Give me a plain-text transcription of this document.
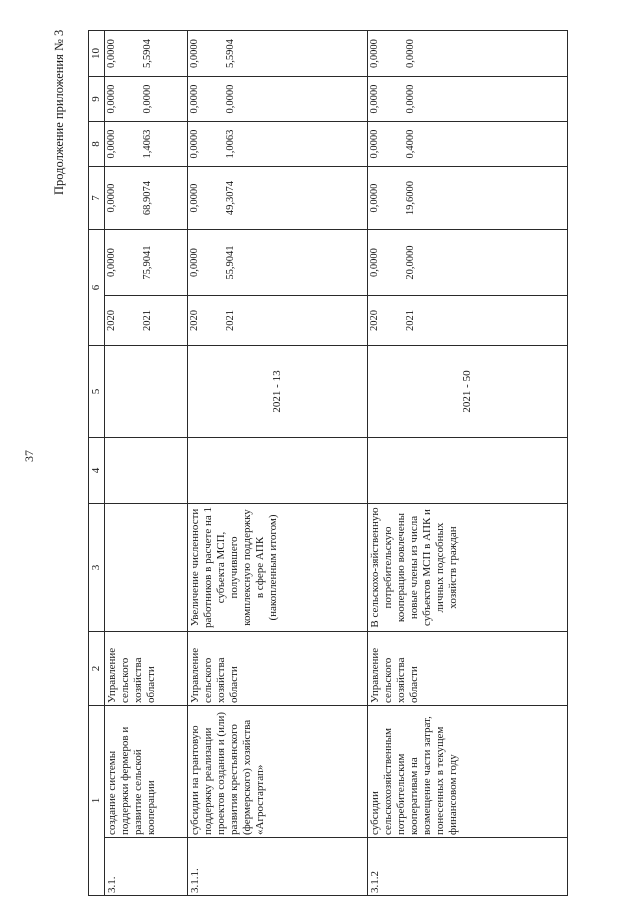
37
Продолжение приложения № 3
1		2	3	4	5	6		7	8	9	10
3.1.	создание системы поддержки фермеров и развитие сельской кооперации	Управление сельского хозяйства области				2020 2021	0,0000 75,9041	0,0000 68,9074	0,0000 1,4063	0,0000 0,0000	0,0000 5,5904

3.1.1.	субсидии на грантовую поддержку реализации проектов создания и (или) развития крестьянского (фермерского) хозяйства «Агростартап»	Управление сельского хозяйства области	Увеличение численности работников в расчете на 1 субъекта МСП, получившего комплексную поддержку в сфере АПК (накопленным итогом)		2021 - 13	2020 2021	0,0000 55,9041	0,0000 49,3074	0,0000 1,0063	0,0000 0,0000	0,0000 5,5904

3.1.2	субсидии сельскохозяйственным потребительским кооперативам на возмещение части затрат, понесенных в текущем финансовом году	Управление сельского хозяйства области	В сельскохо-зяйственную потребительскую кооперацию вовлечены новые члены из числа субъектов МСП в АПК и личных подсобных хозяйств граждан		2021 - 50	2020 2021	0,0000 20,0000	0,0000 19,6000	0,0000 0,4000	0,0000 0,0000	0,0000 0,0000
